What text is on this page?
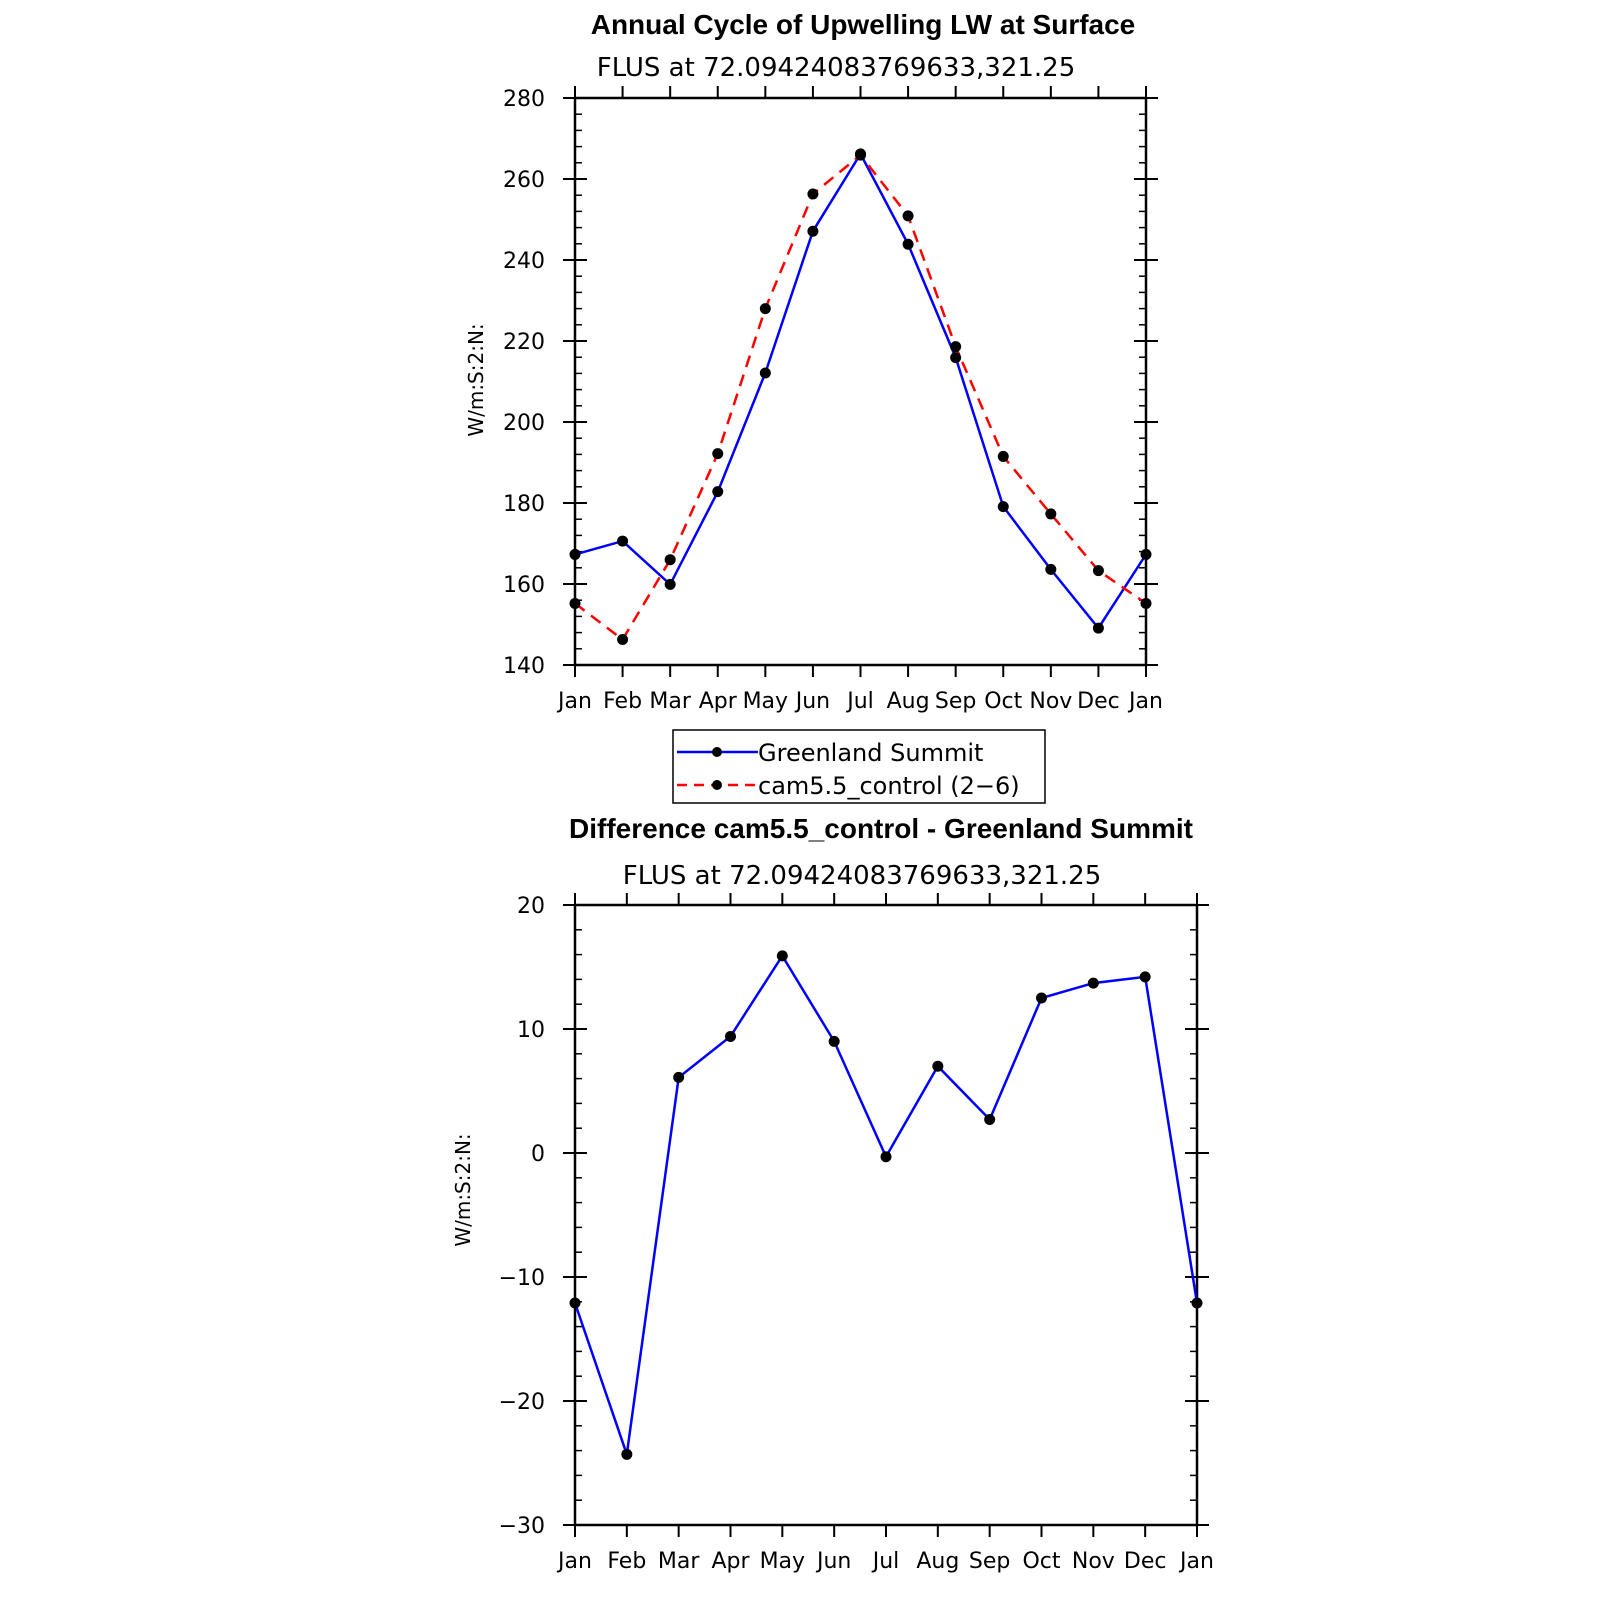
Annual Cycle of Upwelling LW at Surface
FLUS at 72.09424083769633,321.25
W/m:S:2:N:
140
160
180
200
220
240
260
280
Jan Feb Mar Apr May Jun Jul Aug Sep Oct Nov Dec Jan
Greenland Summit
cam5.5_control (2−6)
Difference cam5.5_control - Greenland Summit
FLUS at 72.09424083769633,321.25
W/m:S:2:N:
−30
−20
−10
0
10
20
Jan Feb Mar Apr May Jun Jul Aug Sep Oct Nov Dec Jan
